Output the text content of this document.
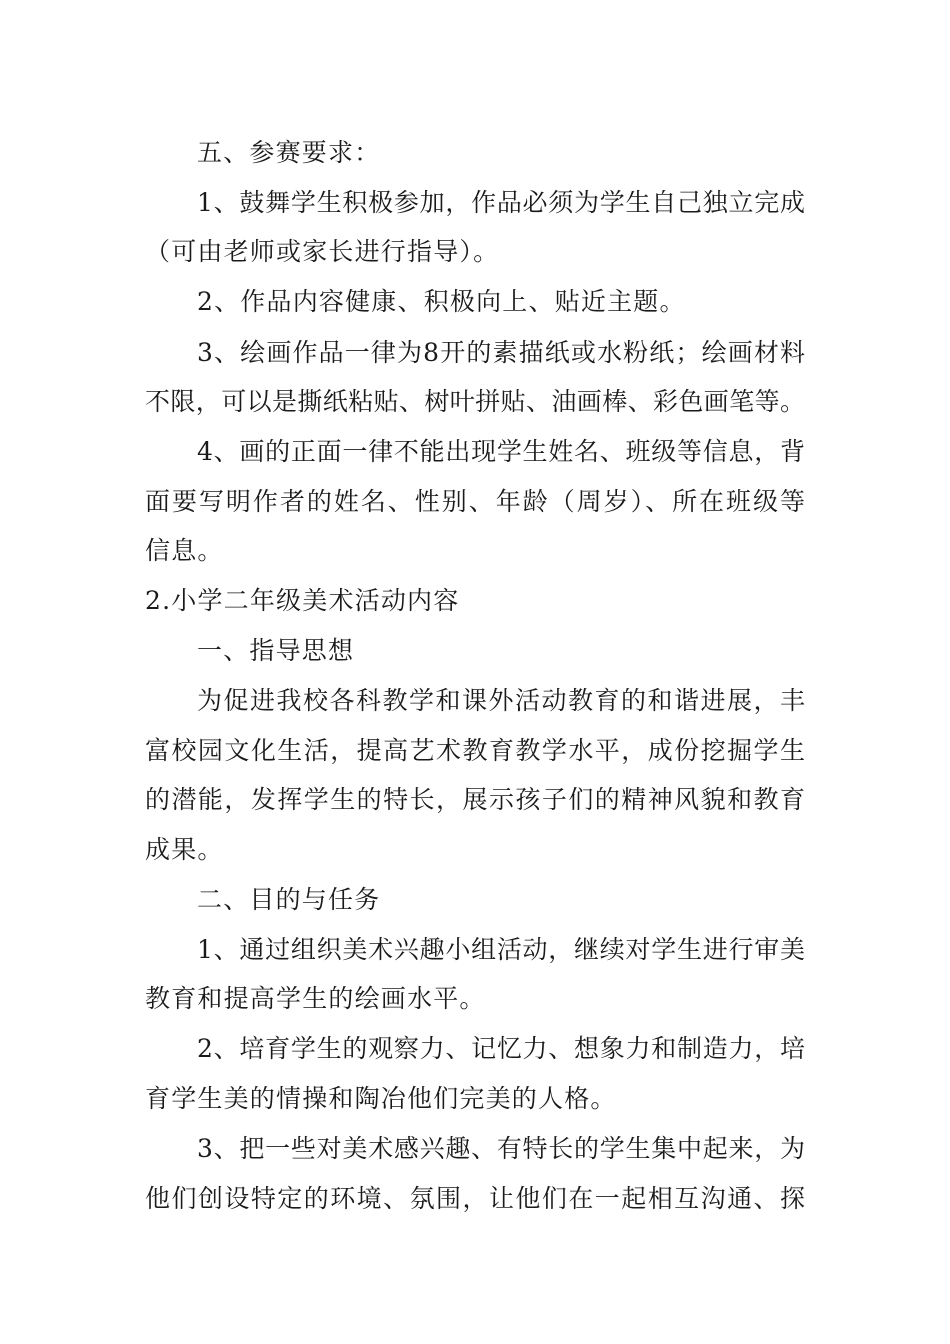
五、参赛要求：
1、鼓舞学生积极参加，作品必须为学生自己独立完成
（可由老师或家长进行指导）。
2、作品内容健康、积极向上、贴近主题。
3、绘画作品一律为8开的素描纸或水粉纸；绘画材料
不限，可以是撕纸粘贴、树叶拼贴、油画棒、彩色画笔等。
4、画的正面一律不能出现学生姓名、班级等信息，背
面要写明作者的姓名、性别、年龄（周岁）、所在班级等
信息。
2.小学二年级美术活动内容
一、指导思想
为促进我校各科教学和课外活动教育的和谐进展，丰
富校园文化生活，提高艺术教育教学水平，成份挖掘学生
的潜能，发挥学生的特长，展示孩子们的精神风貌和教育
成果。
二、目的与任务
1、通过组织美术兴趣小组活动，继续对学生进行审美
教育和提高学生的绘画水平。
2、培育学生的观察力、记忆力、想象力和制造力，培
育学生美的情操和陶冶他们完美的人格。
3、把一些对美术感兴趣、有特长的学生集中起来，为
他们创设特定的环境、氛围，让他们在一起相互沟通、探
